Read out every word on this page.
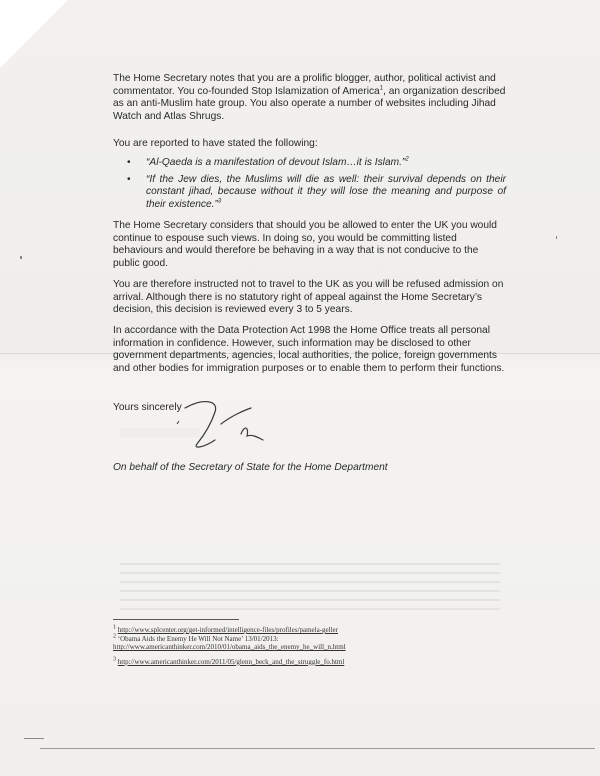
░░░░░░░░░░░░░░

The Home Secretary notes that you are a prolific blogger, author, political activist and commentator. You co-founded Stop Islamization of America$^1$, an organization described as an anti-Muslim hate group. You also operate a number of websites including Jihad Watch and Atlas Shrugs.

You are reported to have stated the following:

• “Al-Qaeda is a manifestation of devout Islam…it is Islam.”$^2$
• “If the Jew dies, the Muslims will die as well: their survival depends on their constant jihad, because without it they will lose the meaning and purpose of their existence.”$^3$

The Home Secretary considers that should you be allowed to enter the UK you would continue to espouse such views. In doing so, you would be committing listed behaviours and would therefore be behaving in a way that is not conducive to the public good.

You are therefore instructed not to travel to the UK as you will be refused admission on arrival. Although there is no statutory right of appeal against the Home Secretary’s decision, this decision is reviewed every 3 to 5 years.

In accordance with the Data Protection Act 1998 the Home Office treats all personal information in confidence. However, such information may be disclosed to other government departments, agencies, local authorities, the police, foreign governments and other bodies for immigration purposes or to enable them to perform their functions.

Yours sincerely
On behalf of the Secretary of State for the Home Department

$^1$ http://www.splcenter.org/get-informed/intelligence-files/profiles/pamela-geller

$^2$ ‘Obama Aids the Enemy He Will Not Name’ 13/01/2013:

http://www.americanthinker.com/2010/01/obama_aids_the_enemy_he_will_n.html

$^3$ http://www.americanthinker.com/2011/05/glenn_beck_and_the_struggle_fo.html
